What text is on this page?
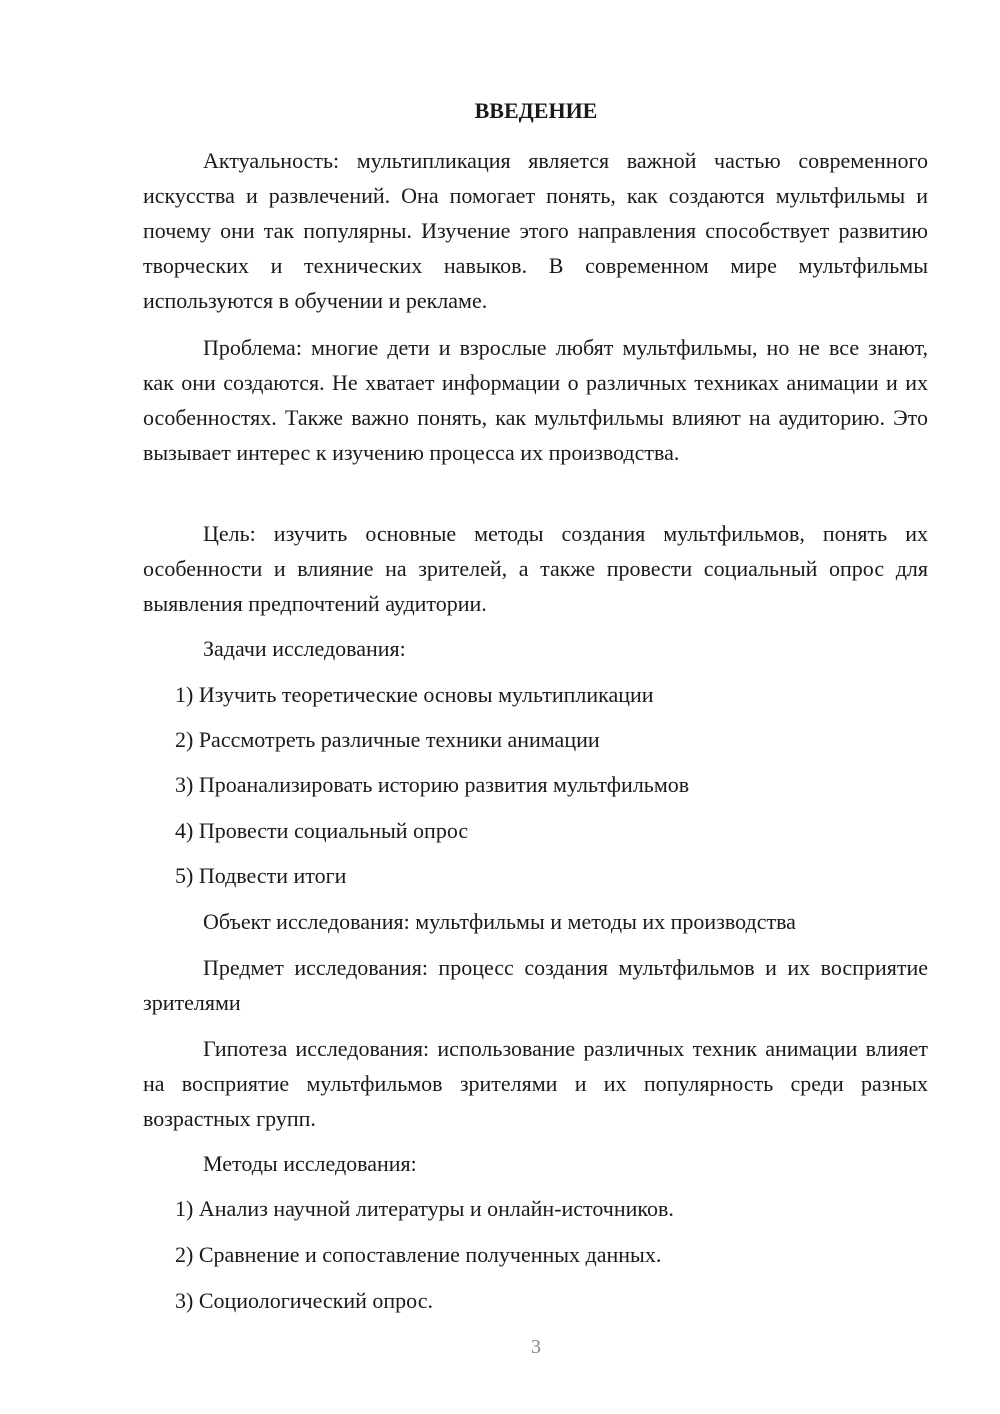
ВВЕДЕНИЕ

Актуальность: мультипликация является важной частью современного искусства и развлечений. Она помогает понять, как создаются мультфильмы и почему они так популярны. Изучение этого направления способствует развитию творческих и технических навыков. В современном мире мультфильмы используются в обучении и рекламе.

Проблема: многие дети и взрослые любят мультфильмы, но не все знают, как они создаются. Не хватает информации о различных техниках анимации и их особенностях. Также важно понять, как мультфильмы влияют на аудиторию. Это вызывает интерес к изучению процесса их производства.

Цель: изучить основные методы создания мультфильмов, понять их особенности и влияние на зрителей, а также провести социальный опрос для выявления предпочтений аудитории.

Задачи исследования:

1) Изучить теоретические основы мультипликации

2) Рассмотреть различные техники анимации

3) Проанализировать историю развития мультфильмов

4) Провести социальный опрос

5) Подвести итоги

Объект исследования: мультфильмы и методы их производства

Предмет исследования: процесс создания мультфильмов и их восприятие зрителями

Гипотеза исследования: использование различных техник анимации влияет на восприятие мультфильмов зрителями и их популярность среди разных возрастных групп.

Методы исследования:

1) Анализ научной литературы и онлайн-источников.

2) Сравнение и сопоставление полученных данных.

3) Социологический опрос.

3
